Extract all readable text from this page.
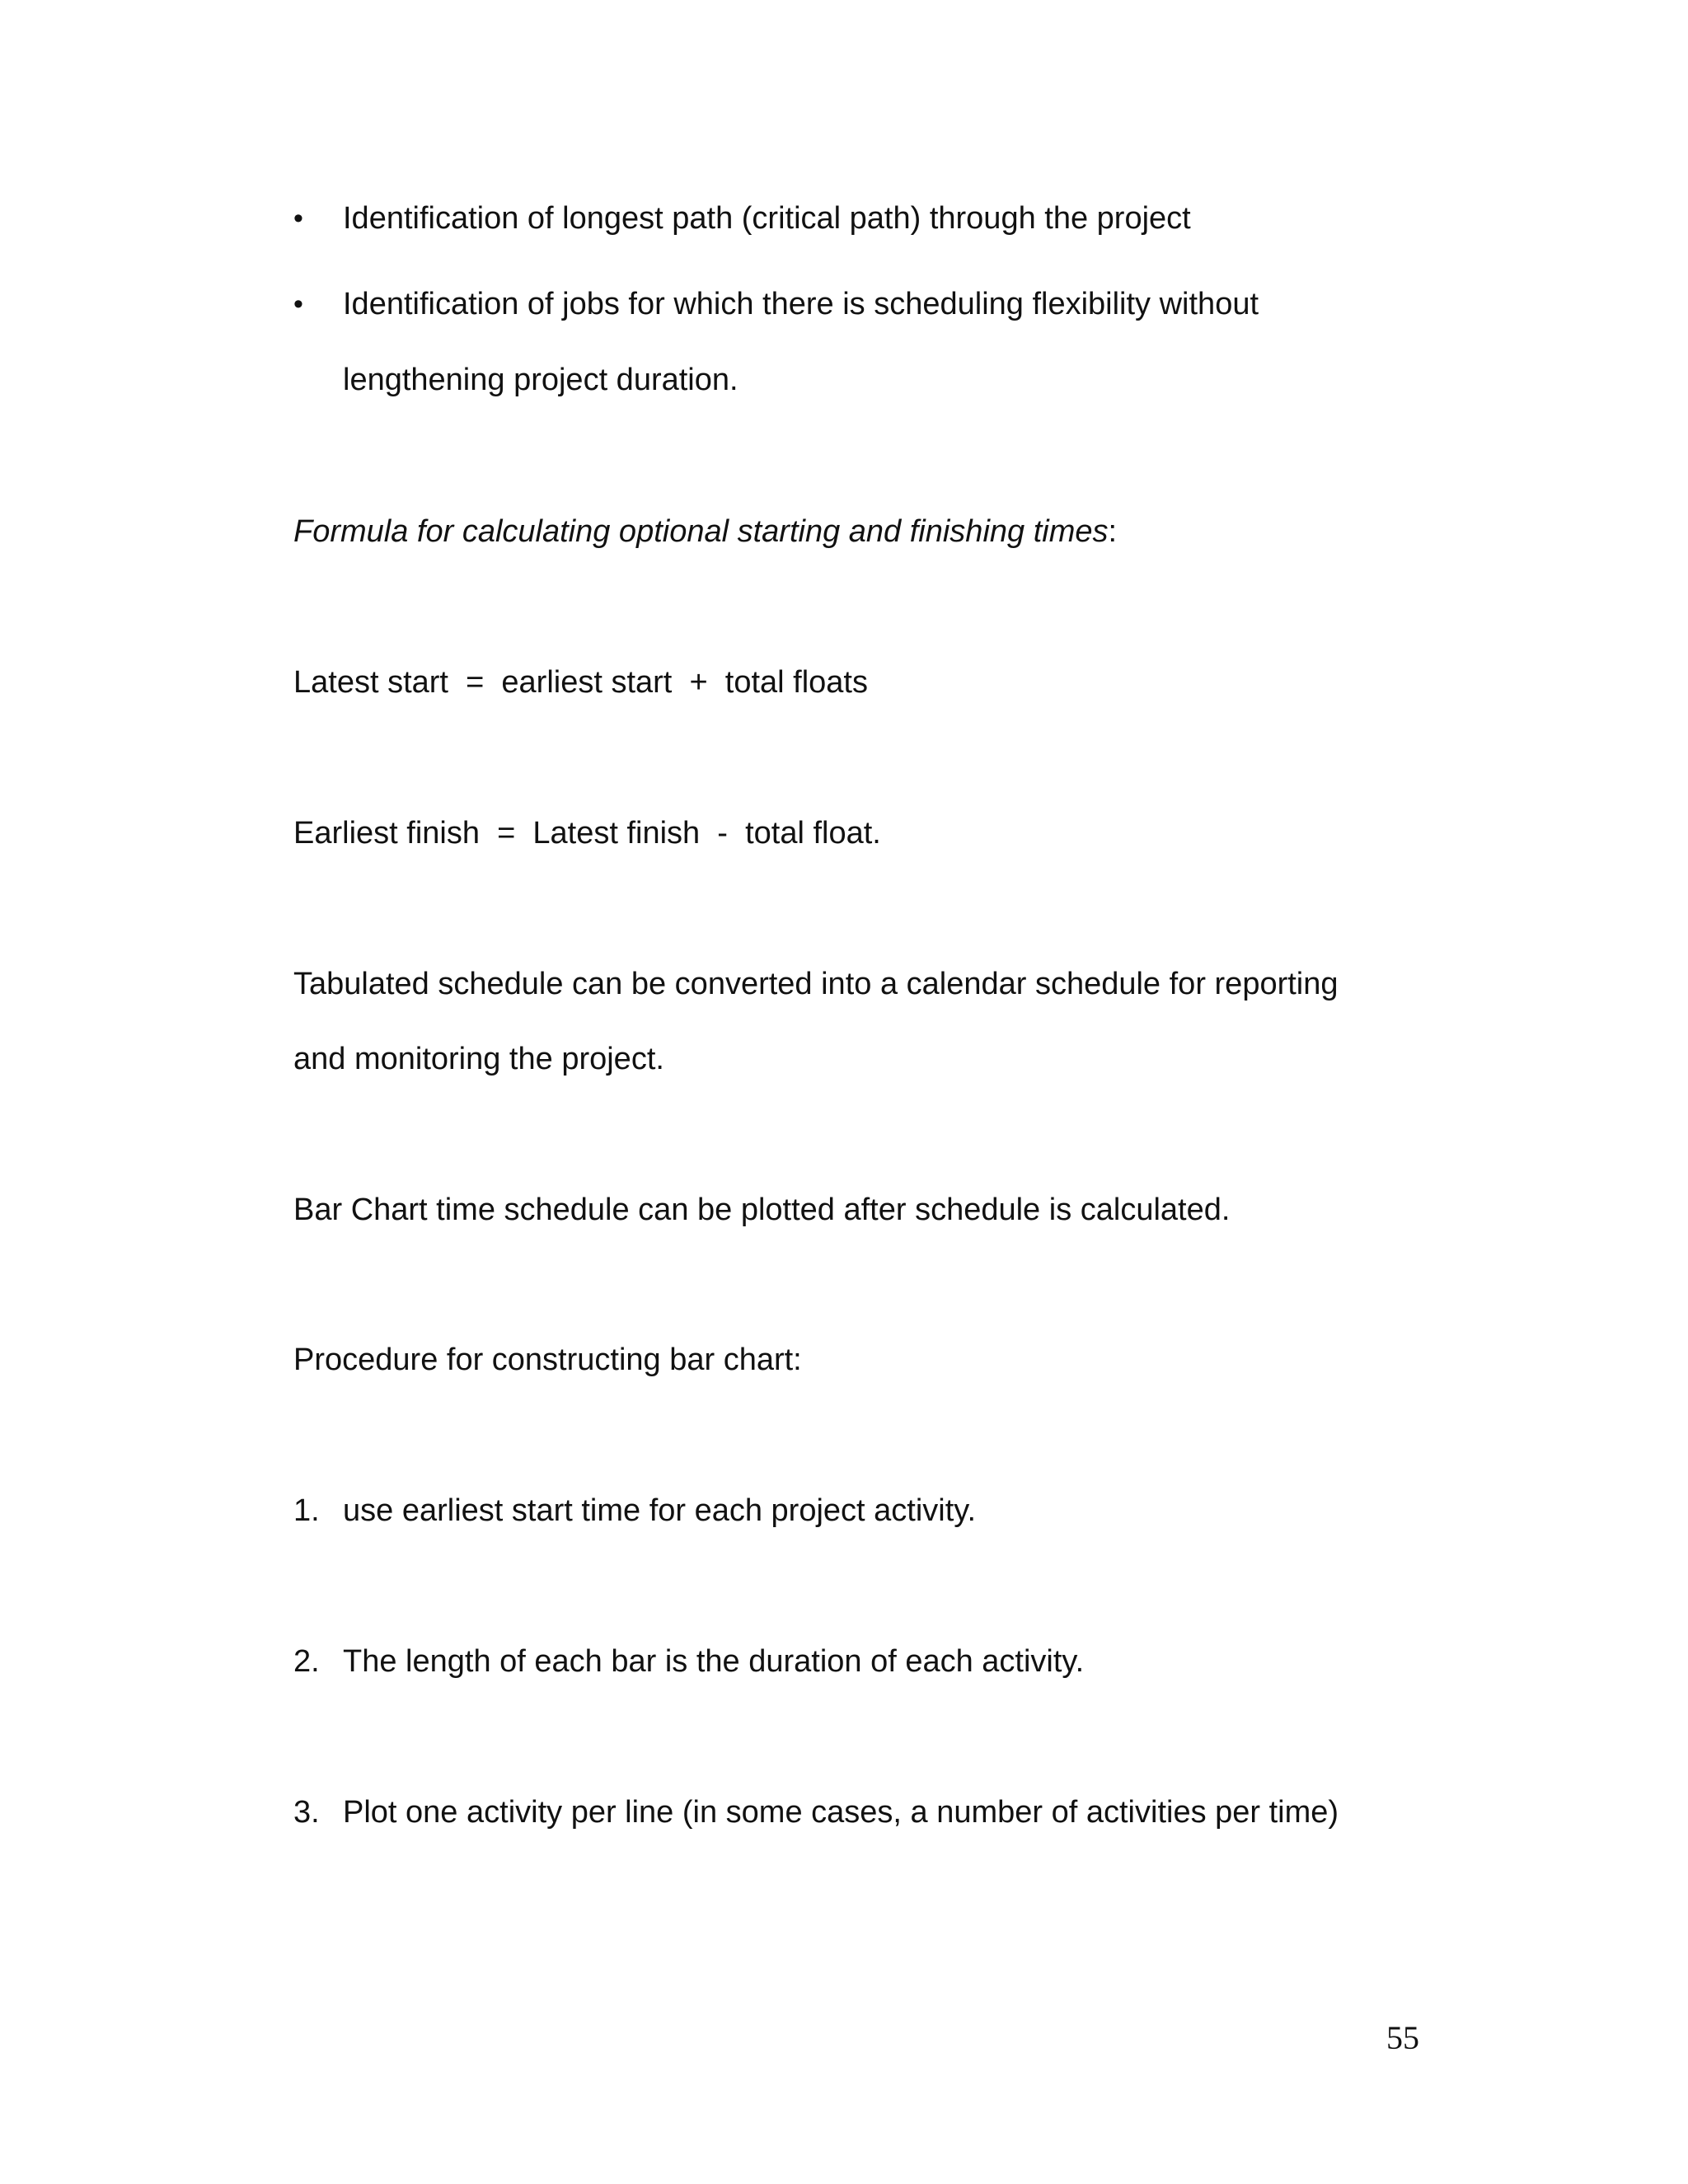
• Identification of longest path (critical path) through the project
• Identification of jobs for which there is scheduling flexibility without
lengthening project duration.
Formula for calculating optional starting and finishing times:
Latest start  =  earliest start  +  total floats
Earliest finish  =  Latest finish  -  total float.
Tabulated schedule can be converted into a calendar schedule for reporting
and monitoring the project.
Bar Chart time schedule can be plotted after schedule is calculated.
Procedure for constructing bar chart:
1. use earliest start time for each project activity.
2. The length of each bar is the duration of each activity.
3. Plot one activity per line (in some cases, a number of activities per time)
55
